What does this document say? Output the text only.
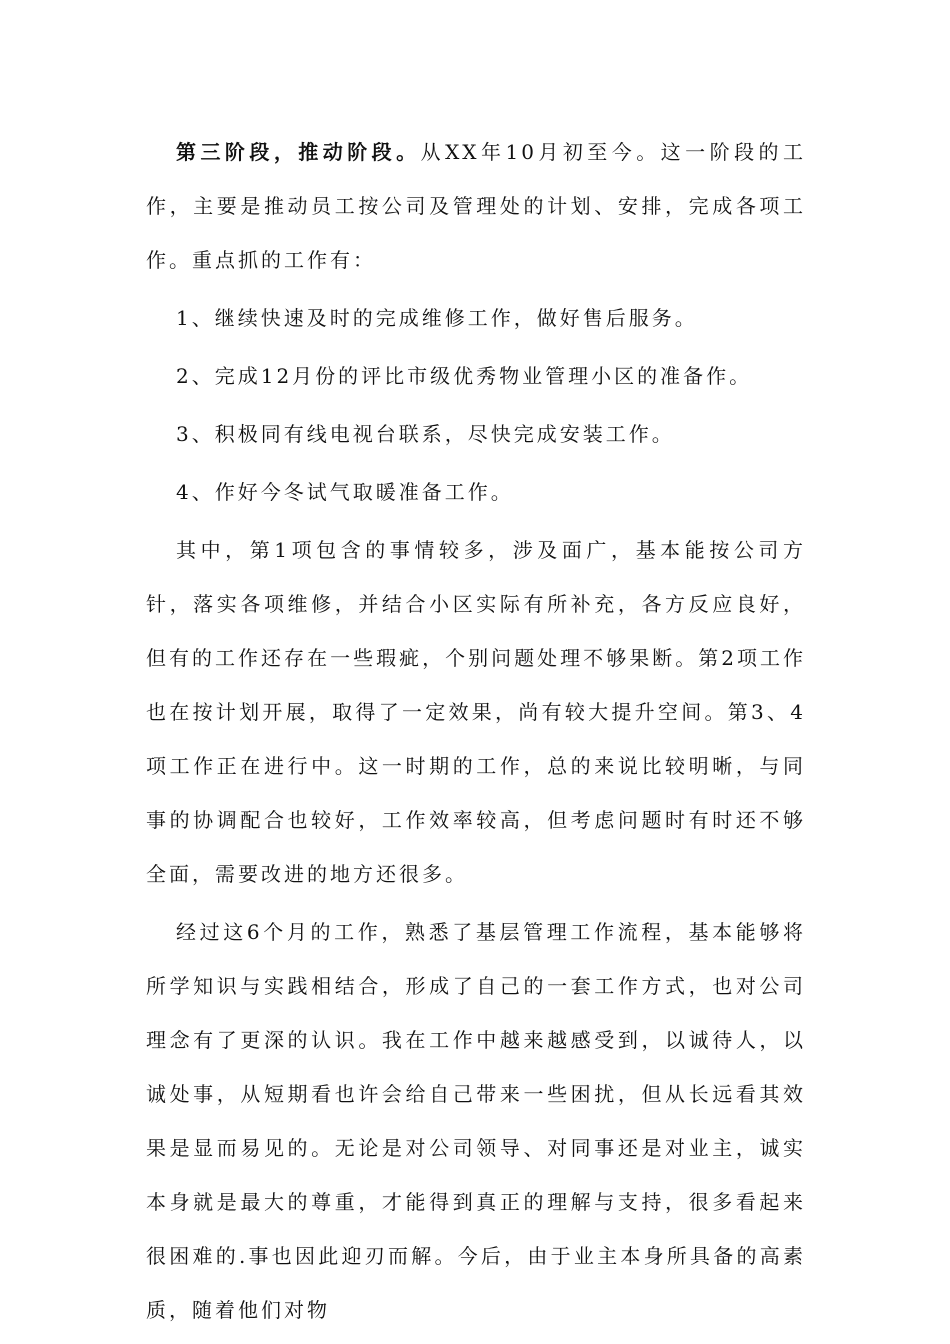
第三阶段，推动阶段。从XX年10月初至今。这一阶段的工作，主要是推动员工按公司及管理处的计划、安排，完成各项工作。重点抓的工作有：

1、继续快速及时的完成维修工作，做好售后服务。

2、完成12月份的评比市级优秀物业管理小区的准备作。

3、积极同有线电视台联系，尽快完成安装工作。

4、作好今冬试气取暖准备工作。

其中，第1项包含的事情较多，涉及面广，基本能按公司方针，落实各项维修，并结合小区实际有所补充，各方反应良好，但有的工作还存在一些瑕疵，个别问题处理不够果断。第2项工作也在按计划开展，取得了一定效果，尚有较大提升空间。第3、4项工作正在进行中。这一时期的工作，总的来说比较明晰，与同事的协调配合也较好，工作效率较高，但考虑问题时有时还不够全面，需要改进的地方还很多。

经过这6个月的工作，熟悉了基层管理工作流程，基本能够将所学知识与实践相结合，形成了自己的一套工作方式，也对公司理念有了更深的认识。我在工作中越来越感受到，以诚待人，以诚处事，从短期看也许会给自己带来一些困扰，但从长远看其效果是显而易见的。无论是对公司领导、对同事还是对业主，诚实本身就是最大的尊重，才能得到真正的理解与支持，很多看起来很困难的.事也因此迎刃而解。今后，由于业主本身所具备的高素质，随着他们对物
